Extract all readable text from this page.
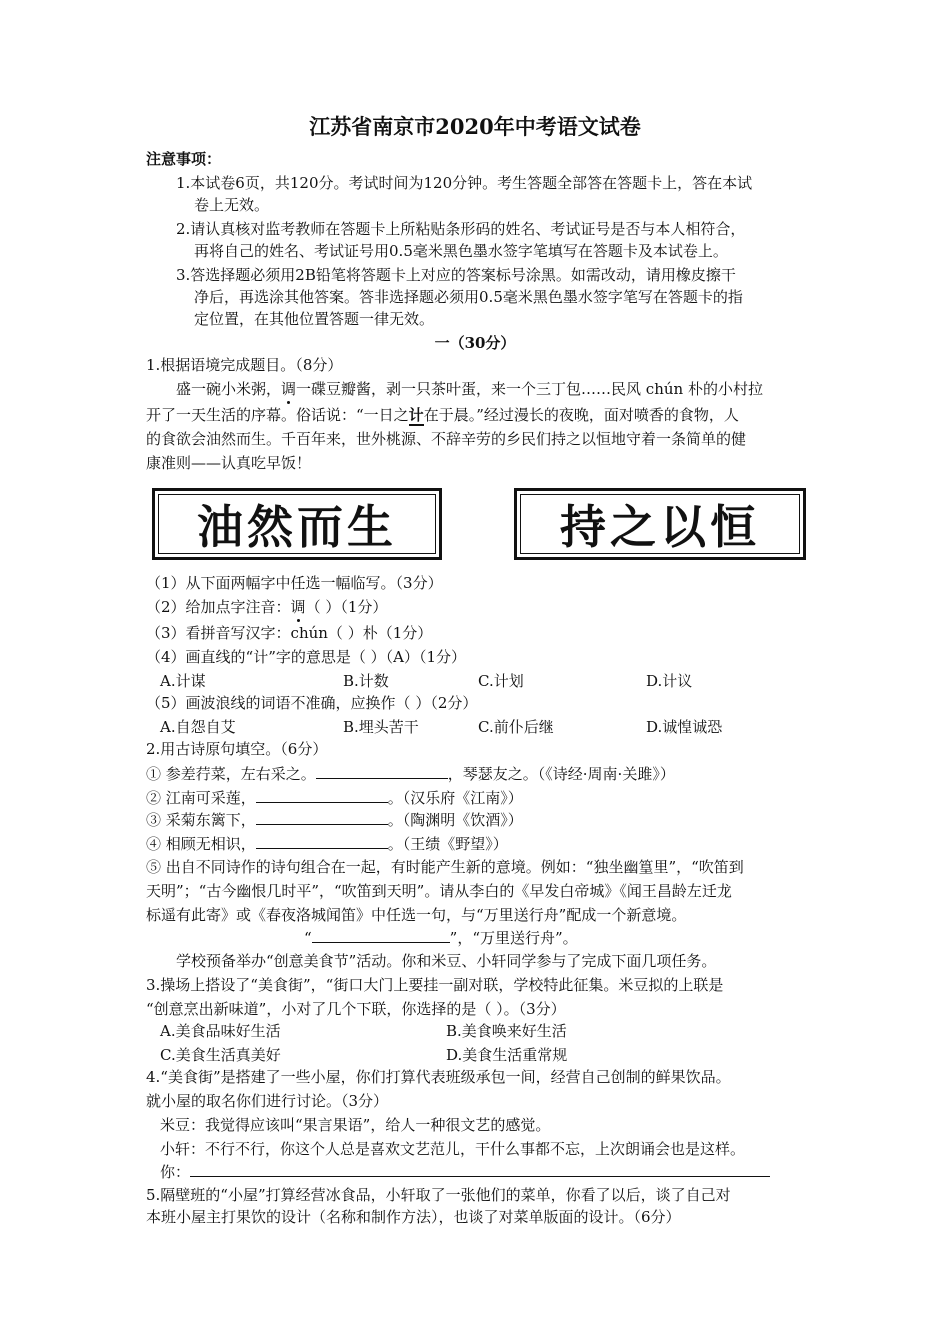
江苏省南京市2020年中考语文试卷
注意事项：
1.本试卷6页，共120分。考试时间为120分钟。考生答题全部答在答题卡上，答在本试
卷上无效。
2.请认真核对监考教师在答题卡上所粘贴条形码的姓名、考试证号是否与本人相符合，
再将自己的姓名、考试证号用0.5毫米黑色墨水签字笔填写在答题卡及本试卷上。
3.答选择题必须用2B铅笔将答题卡上对应的答案标号涂黑。如需改动，请用橡皮擦干
净后，再选涂其他答案。答非选择题必须用0.5毫米黑色墨水签字笔写在答题卡的指
定位置，在其他位置答题一律无效。
一（30分）
1.根据语境完成题目。（8分）
盛一碗小米粥，调一碟豆瓣酱，剥一只茶叶蛋，来一个三丁包……民风 chún 朴的小村拉
开了一天生活的序幕。俗话说：“一日之计在于晨。”经过漫长的夜晚，面对喷香的食物，人
的食欲会油然而生。千百年来，世外桃源、不辞辛劳的乡民们持之以恒地守着一条简单的健
康准则——认真吃早饭！
油然而生	持之以恒
（1）从下面两幅字中任选一幅临写。（3分）
（2）给加点字注音：调（ ）（1分）
（3）看拼音写汉字：chún（ ）朴（1分）
（4）画直线的“计”字的意思是（ ）（A）（1分）
A.计谋	B.计数	C.计划	D.计议
（5）画波浪线的词语不准确，应换作（ ）（2分）
A.自怨自艾	B.埋头苦干	C.前仆后继	D.诚惶诚恐
2.用古诗原句填空。（6分）
① 参差荇菜，左右采之。	，琴瑟友之。（《诗经·周南·关雎》）
② 江南可采莲，	。（汉乐府《江南》）
③ 采菊东篱下，	。（陶渊明《饮酒》）
④ 相顾无相识，	。（王绩《野望》）
⑤ 出自不同诗作的诗句组合在一起，有时能产生新的意境。例如：“独坐幽篁里”，“吹笛到
天明”；“古今幽恨几时平”，“吹笛到天明”。请从李白的《早发白帝城》《闻王昌龄左迁龙
标遥有此寄》或《春夜洛城闻笛》中任选一句，与“万里送行舟”配成一个新意境。
“	”，“万里送行舟”。
学校预备举办“创意美食节”活动。你和米豆、小轩同学参与了完成下面几项任务。
3.操场上搭设了“美食街”，“街口大门上要挂一副对联，学校特此征集。米豆拟的上联是
“创意烹出新味道”，小对了几个下联，你选择的是（ ）。（3分）
A.美食品味好生活	B.美食唤来好生活
C.美食生活真美好	D.美食生活重常规
4.“美食街”是搭建了一些小屋，你们打算代表班级承包一间，经营自己创制的鲜果饮品。
就小屋的取名你们进行讨论。（3分）
米豆：我觉得应该叫“果言果语”，给人一种很文艺的感觉。
小轩：不行不行，你这个人总是喜欢文艺范儿，干什么事都不忘，上次朗诵会也是这样。
你：
5.隔壁班的“小屋”打算经营冰食品，小轩取了一张他们的菜单，你看了以后，谈了自己对
本班小屋主打果饮的设计（名称和制作方法），也谈了对菜单版面的设计。（6分）
